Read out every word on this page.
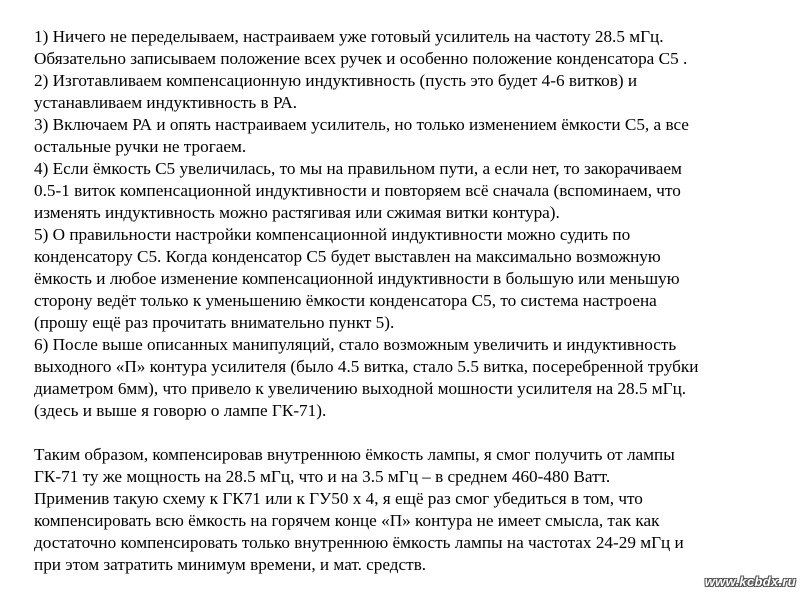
1) Ничего не переделываем, настраиваем уже готовый усилитель на частоту 28.5 мГц.
Обязательно записываем положение всех ручек и особенно положение конденсатора С5 .
2) Изготавливаем компенсационную индуктивность (пусть это будет 4-6 витков) и
устанавливаем индуктивность в РА.
3) Включаем РА и опять настраиваем усилитель, но только изменением ёмкости С5, а все
остальные ручки не трогаем.
4) Если ёмкость С5 увеличилась, то мы на правильном пути, а если нет, то закорачиваем
0.5-1 виток компенсационной индуктивности и повторяем всё сначала (вспоминаем, что
изменять индуктивность можно растягивая или сжимая витки контура).
5) О правильности настройки компенсационной индуктивности можно судить по
конденсатору С5. Когда конденсатор С5 будет выставлен на максимально возможную
ёмкость и любое изменение компенсационной индуктивности в большую или меньшую
сторону ведёт только к уменьшению ёмкости конденсатора С5, то система настроена
(прошу ещё раз прочитать внимательно пункт 5).
6) После выше описанных манипуляций, стало возможным увеличить и индуктивность
выходного «П» контура усилителя (было 4.5 витка, стало 5.5 витка, посеребренной трубки
диаметром 6мм), что привело к увеличению выходной мошности усилителя на 28.5 мГц.
(здесь и выше я говорю о лампе ГК-71).
Таким образом, компенсировав внутреннюю ёмкость лампы, я смог получить от лампы
ГК-71 ту же мощность на 28.5 мГц, что и на 3.5 мГц – в среднем 460-480 Ватт.
Применив такую схему к ГК71 или к ГУ50 х 4, я ещё раз смог убедиться в том, что
компенсировать всю ёмкость на горячем конце «П» контура не имеет смысла, так как
достаточно компенсировать только внутреннюю ёмкость лампы на частотах 24-29 мГц и
при этом затратить минимум времени, и мат. средств.
www.kcbdx.ru
